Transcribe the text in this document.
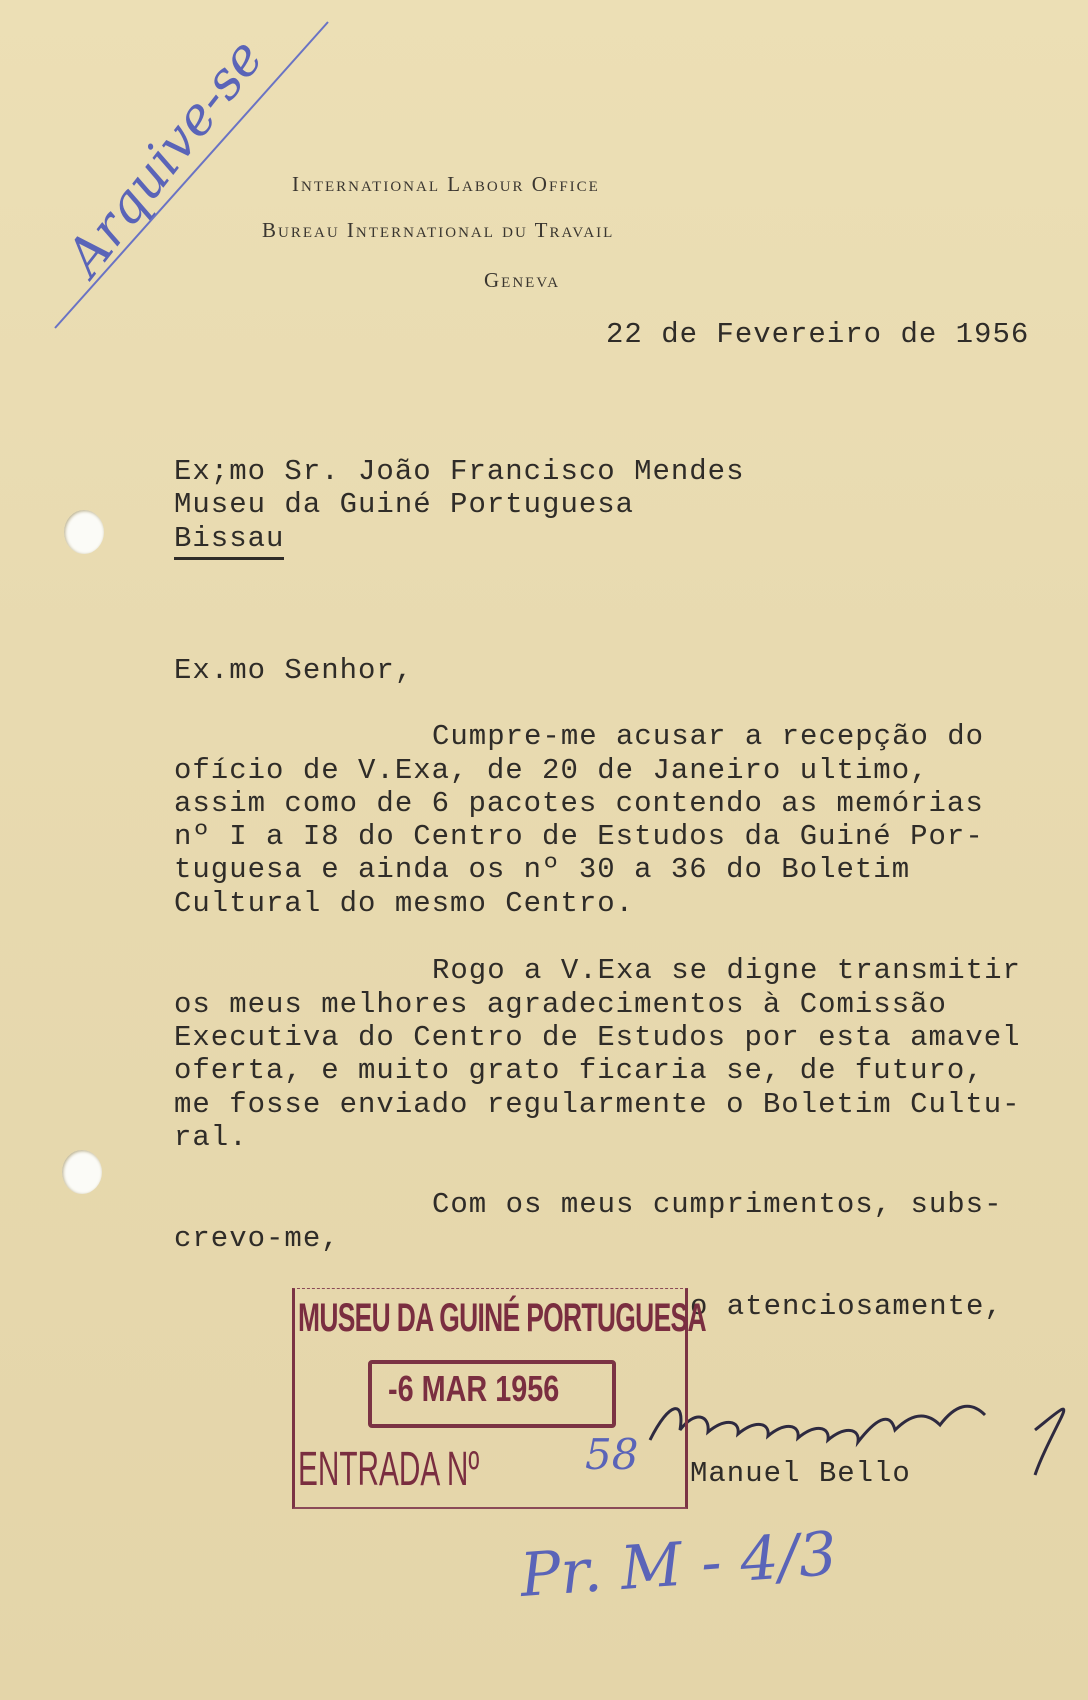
Arquive-se International Labour Office
Bureau International du Travail
Geneva
22 de Fevereiro de 1956
Ex;mo Sr. João Francisco Mendes
Museu da Guiné Portuguesa
Bissau
Ex.mo Senhor,
Cumpre-me acusar a recepção do
ofício de V.Exa, de 20 de Janeiro ultimo,
assim como de 6 pacotes contendo as memórias
nº I a I8 do Centro de Estudos da Guiné Por-
tuguesa e ainda os nº 30 a 36 do Boletim
Cultural do mesmo Centro.
Rogo a V.Exa se digne transmitir
os meus melhores agradecimentos à Comissão
Executiva do Centro de Estudos por esta amavel
oferta, e muito grato ficaria se, de futuro,
me fosse enviado regularmente o Boletim Cultu-
ral.
Com os meus cumprimentos, subs-
crevo-me,
o atenciosamente,
Manuel Bello
MUSEU DA GUINÉ PORTUGUESA
-6 MAR 1956
ENTRADA Nº	58
Pr. M - 4/3
